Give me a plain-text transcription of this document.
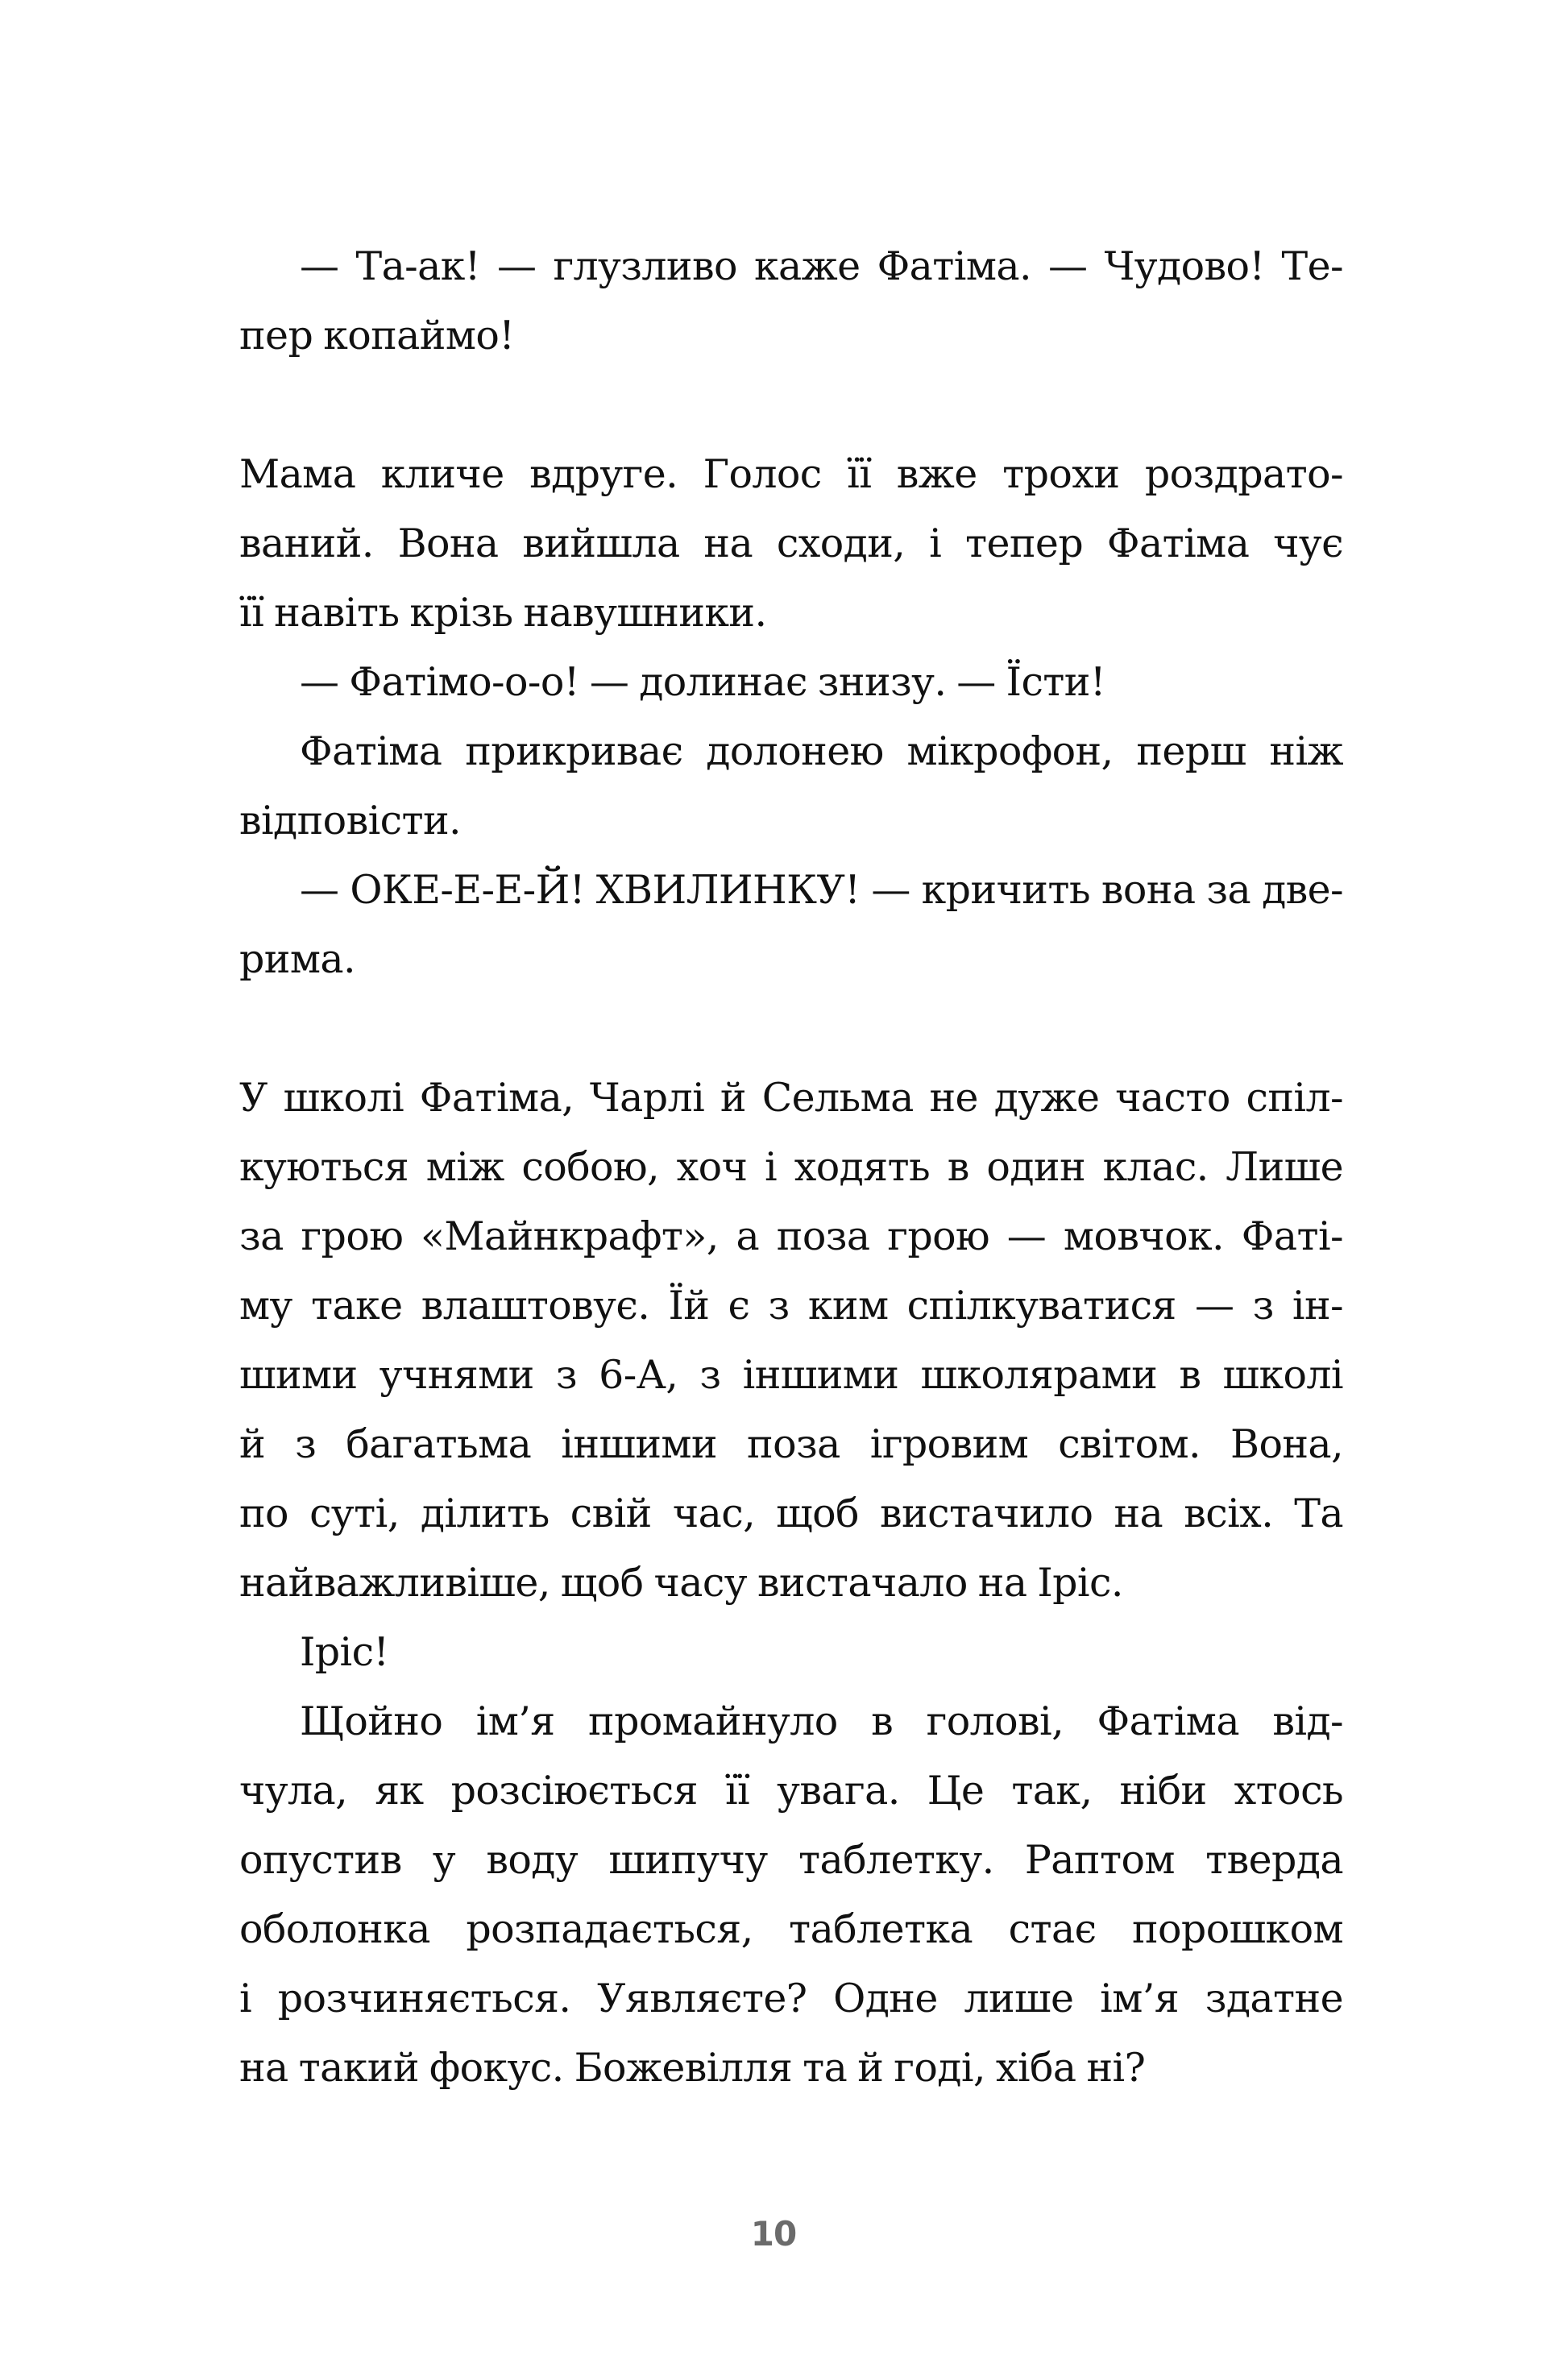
— Та-ак! — глузливо каже Фатіма. — Чудово! Те-
пер копаймо!
Мама кличе вдруге. Голос її вже трохи роздрато-
ваний. Вона вийшла на сходи, і тепер Фатіма чує
її навіть крізь навушники.
— Фатімо-о-о! — долинає знизу. — Їсти!
Фатіма прикриває долонею мікрофон, перш ніж
відповісти.
— ОКЕ-Е-Е-Й! ХВИЛИНКУ! — кричить вона за две-
рима.
У школі Фатіма, Чарлі й Сельма не дуже часто спіл-
куються між собою, хоч і ходять в один клас. Лише
за грою «Майнкрафт», а поза грою — мовчок. Фаті-
му таке влаштовує. Їй є з ким спілкуватися — з ін-
шими учнями з 6-А, з іншими школярами в школі
й з багатьма іншими поза ігровим світом. Вона,
по суті, ділить свій час, щоб вистачило на всіх. Та
найважливіше, щоб часу вистачало на Іріс.
Іріс!
Щойно ім’я промайнуло в голові, Фатіма від-
чула, як розсіюється її увага. Це так, ніби хтось
опустив у воду шипучу таблетку. Раптом тверда
оболонка розпадається, таблетка стає порошком
і розчиняється. Уявляєте? Одне лише ім’я здатне
на такий фокус. Божевілля та й годі, хіба ні?
10
